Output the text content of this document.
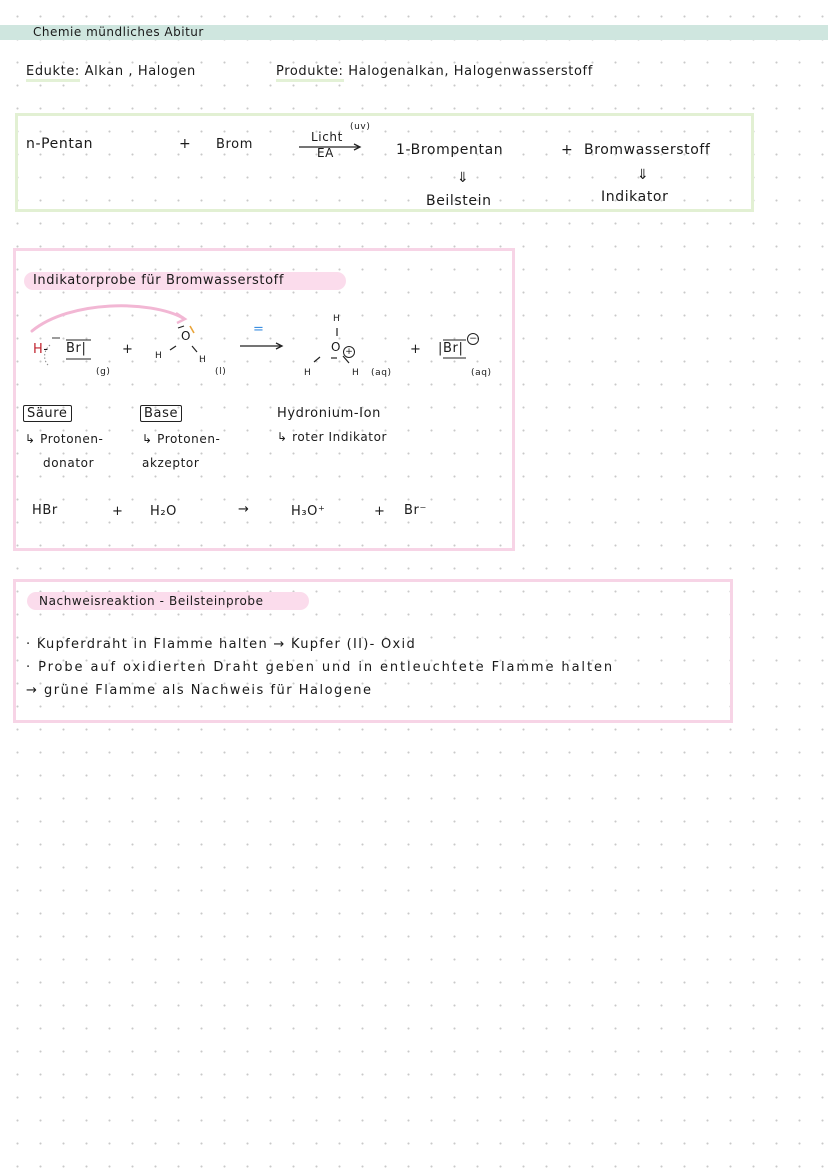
Chemie mündliches Abitur
Edukte: Alkan , Halogen	Produkte: Halogenalkan, Halogenwasserstoff
n-Pentan	+ Brom	Licht
(uv)
EA	1-Brompentan	+ Bromwasserstoff
⇓	⇓
Beilstein	Indikator
Indikatorprobe für Bromwasserstoff
H- Br|
(g)
+
O
H	H
(l)
=
H
O +
H	H (aq)
+ |Br|
−
(aq)
Säure
↳ Protonen-
donator
Base
↳ Protonen-
akzeptor
Hydronium-Ion
↳ roter Indikator
HBr	+ H₂O	→	H₃O⁺	+ Br⁻
Nachweisreaktion - Beilsteinprobe
· Kupferdraht in Flamme halten → Kupfer (II)- Oxid
· Probe auf oxidierten Draht geben und in entleuchtete Flamme halten
→ grüne Flamme als Nachweis für Halogene
